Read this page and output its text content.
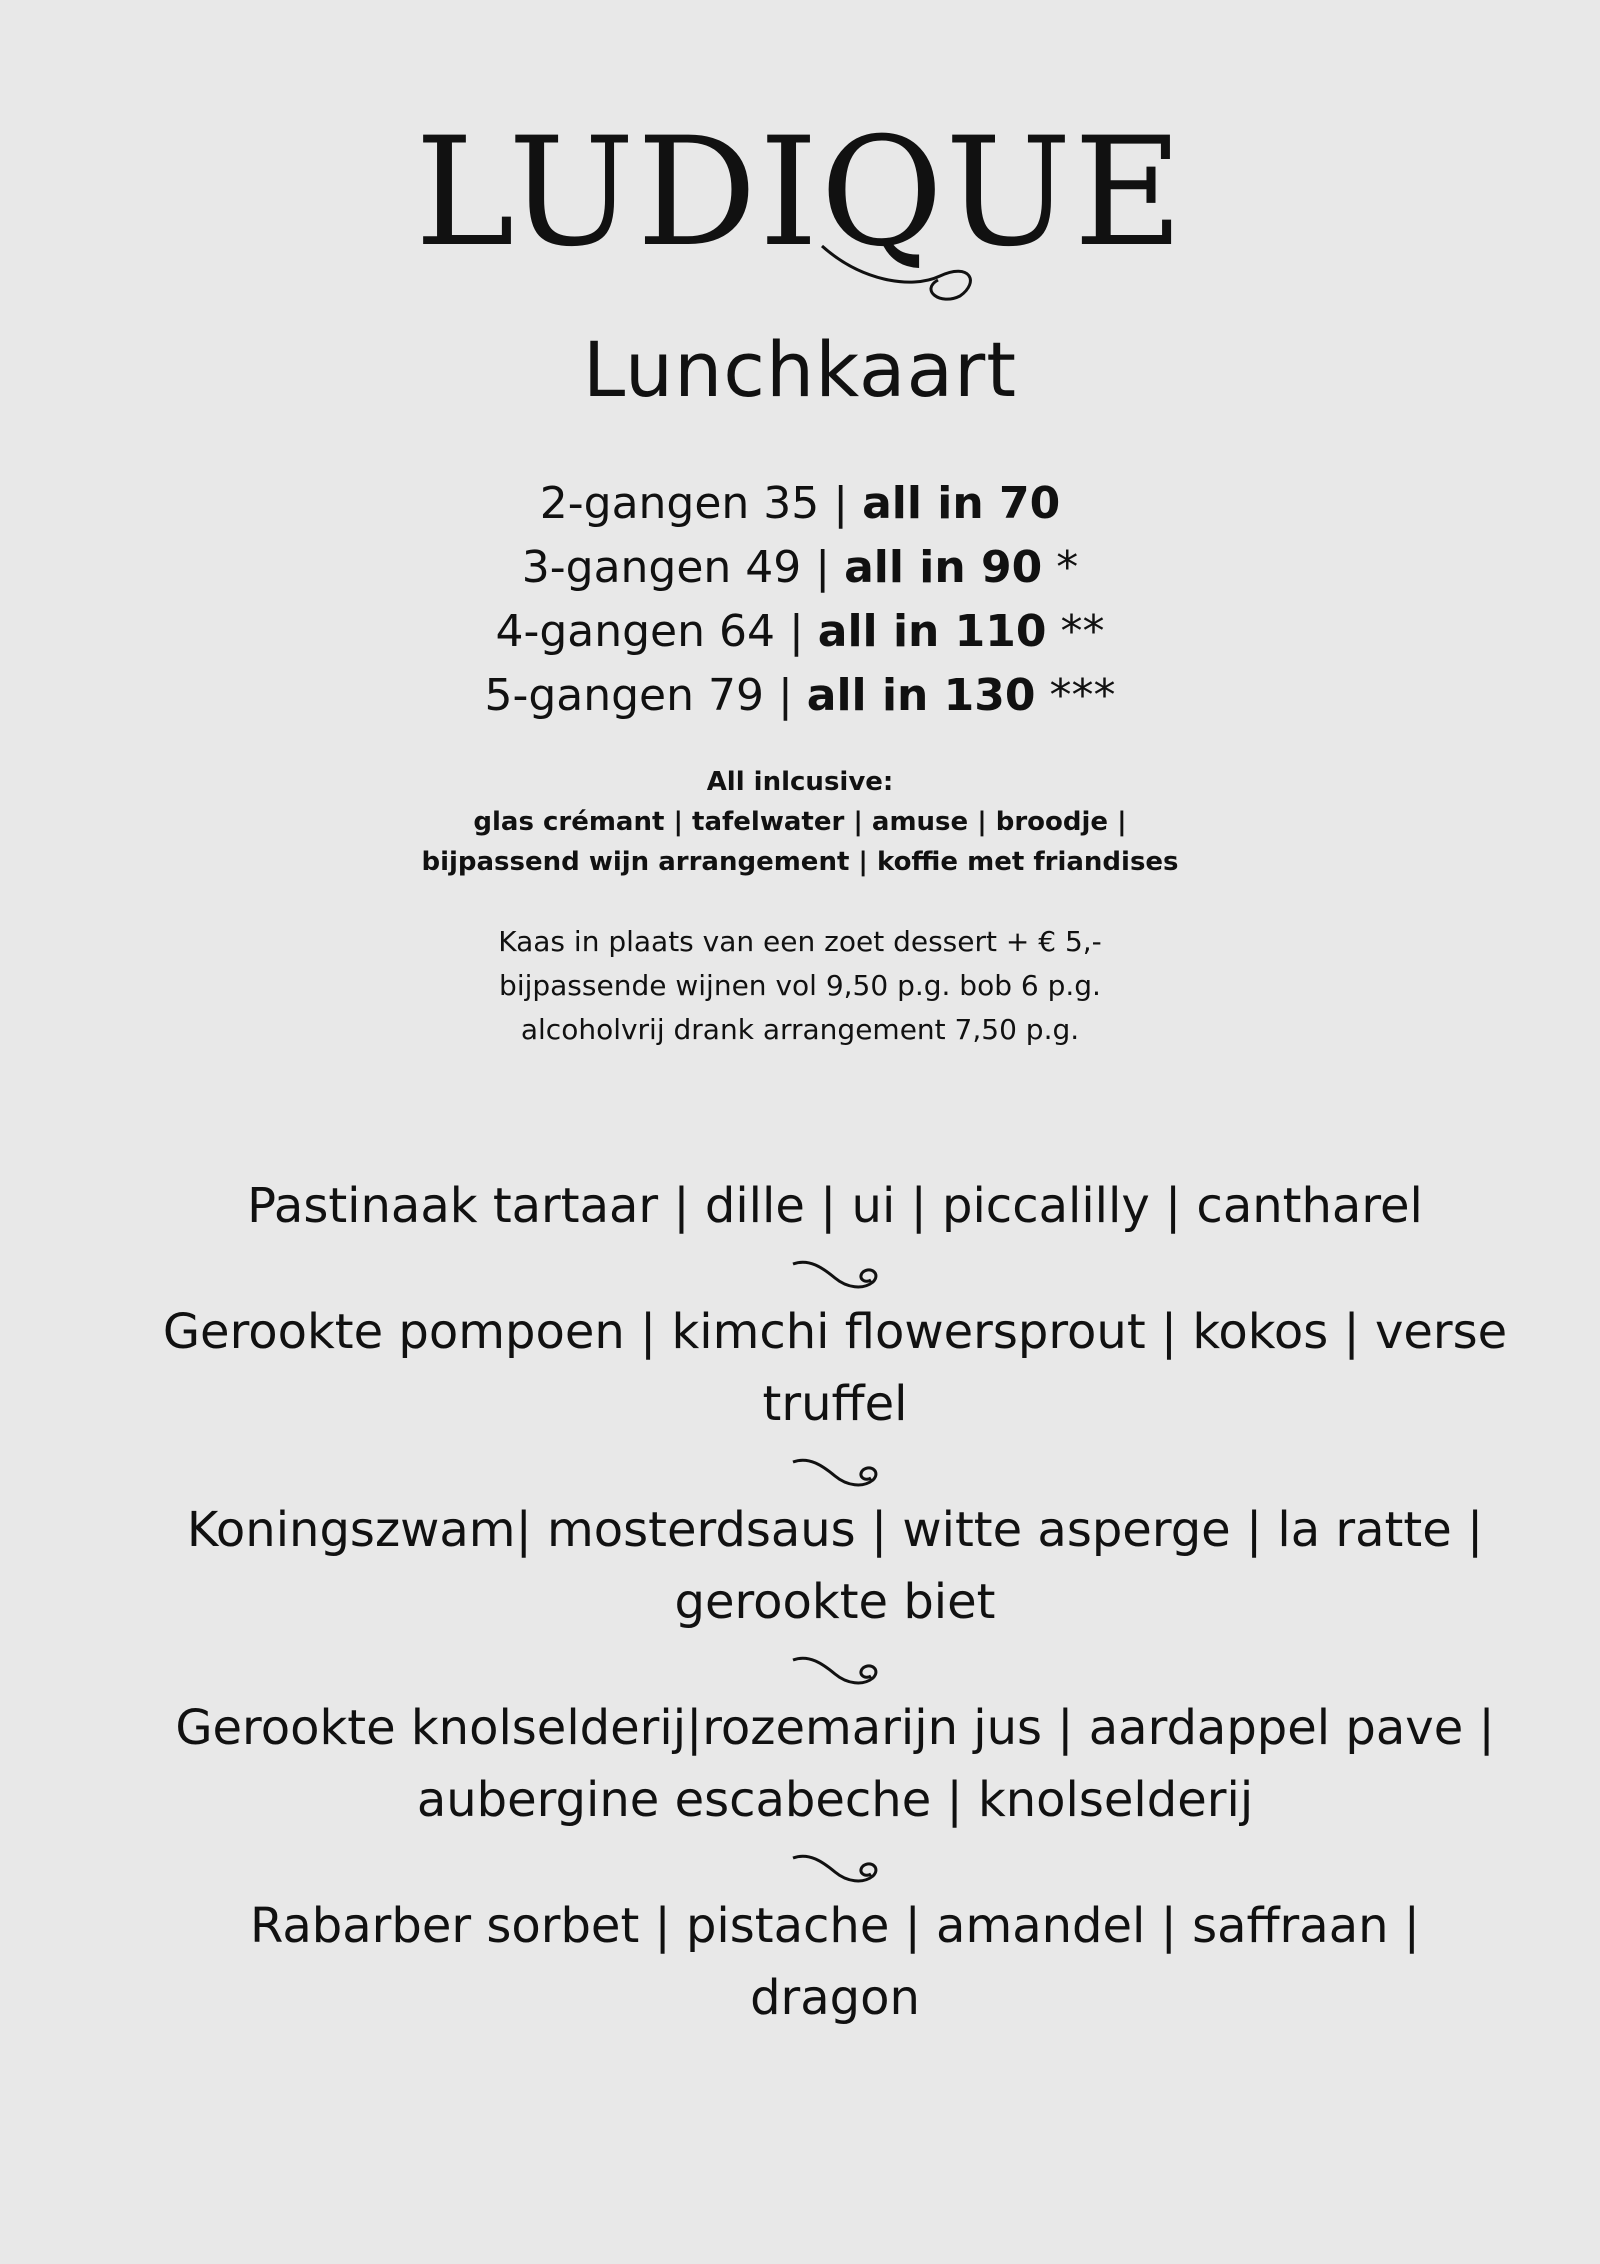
LUDIQUE
Lunchkaart
2-gangen 35 | all in 70
3-gangen 49 | all in 90 *
4-gangen 64 | all in 110 **
5-gangen 79 | all in 130 ***
All inlcusive:
glas crémant | tafelwater | amuse | broodje |
bijpassend wijn arrangement | koffie met friandises
Kaas in plaats van een zoet dessert + € 5,-
bijpassende wijnen vol 9,50 p.g. bob 6 p.g.
alcoholvrij drank arrangement 7,50 p.g.

Pastinaak tartaar | dille | ui | piccalilly | cantharel

Gerookte pompoen | kimchi flowersprout | kokos | verse truffel

Koningszwam| mosterdsaus | witte asperge | la ratte | gerookte biet

Gerookte knolselderij|rozemarijn jus | aardappel pave | aubergine escabeche | knolselderij

Rabarber sorbet | pistache | amandel | saffraan | dragon
